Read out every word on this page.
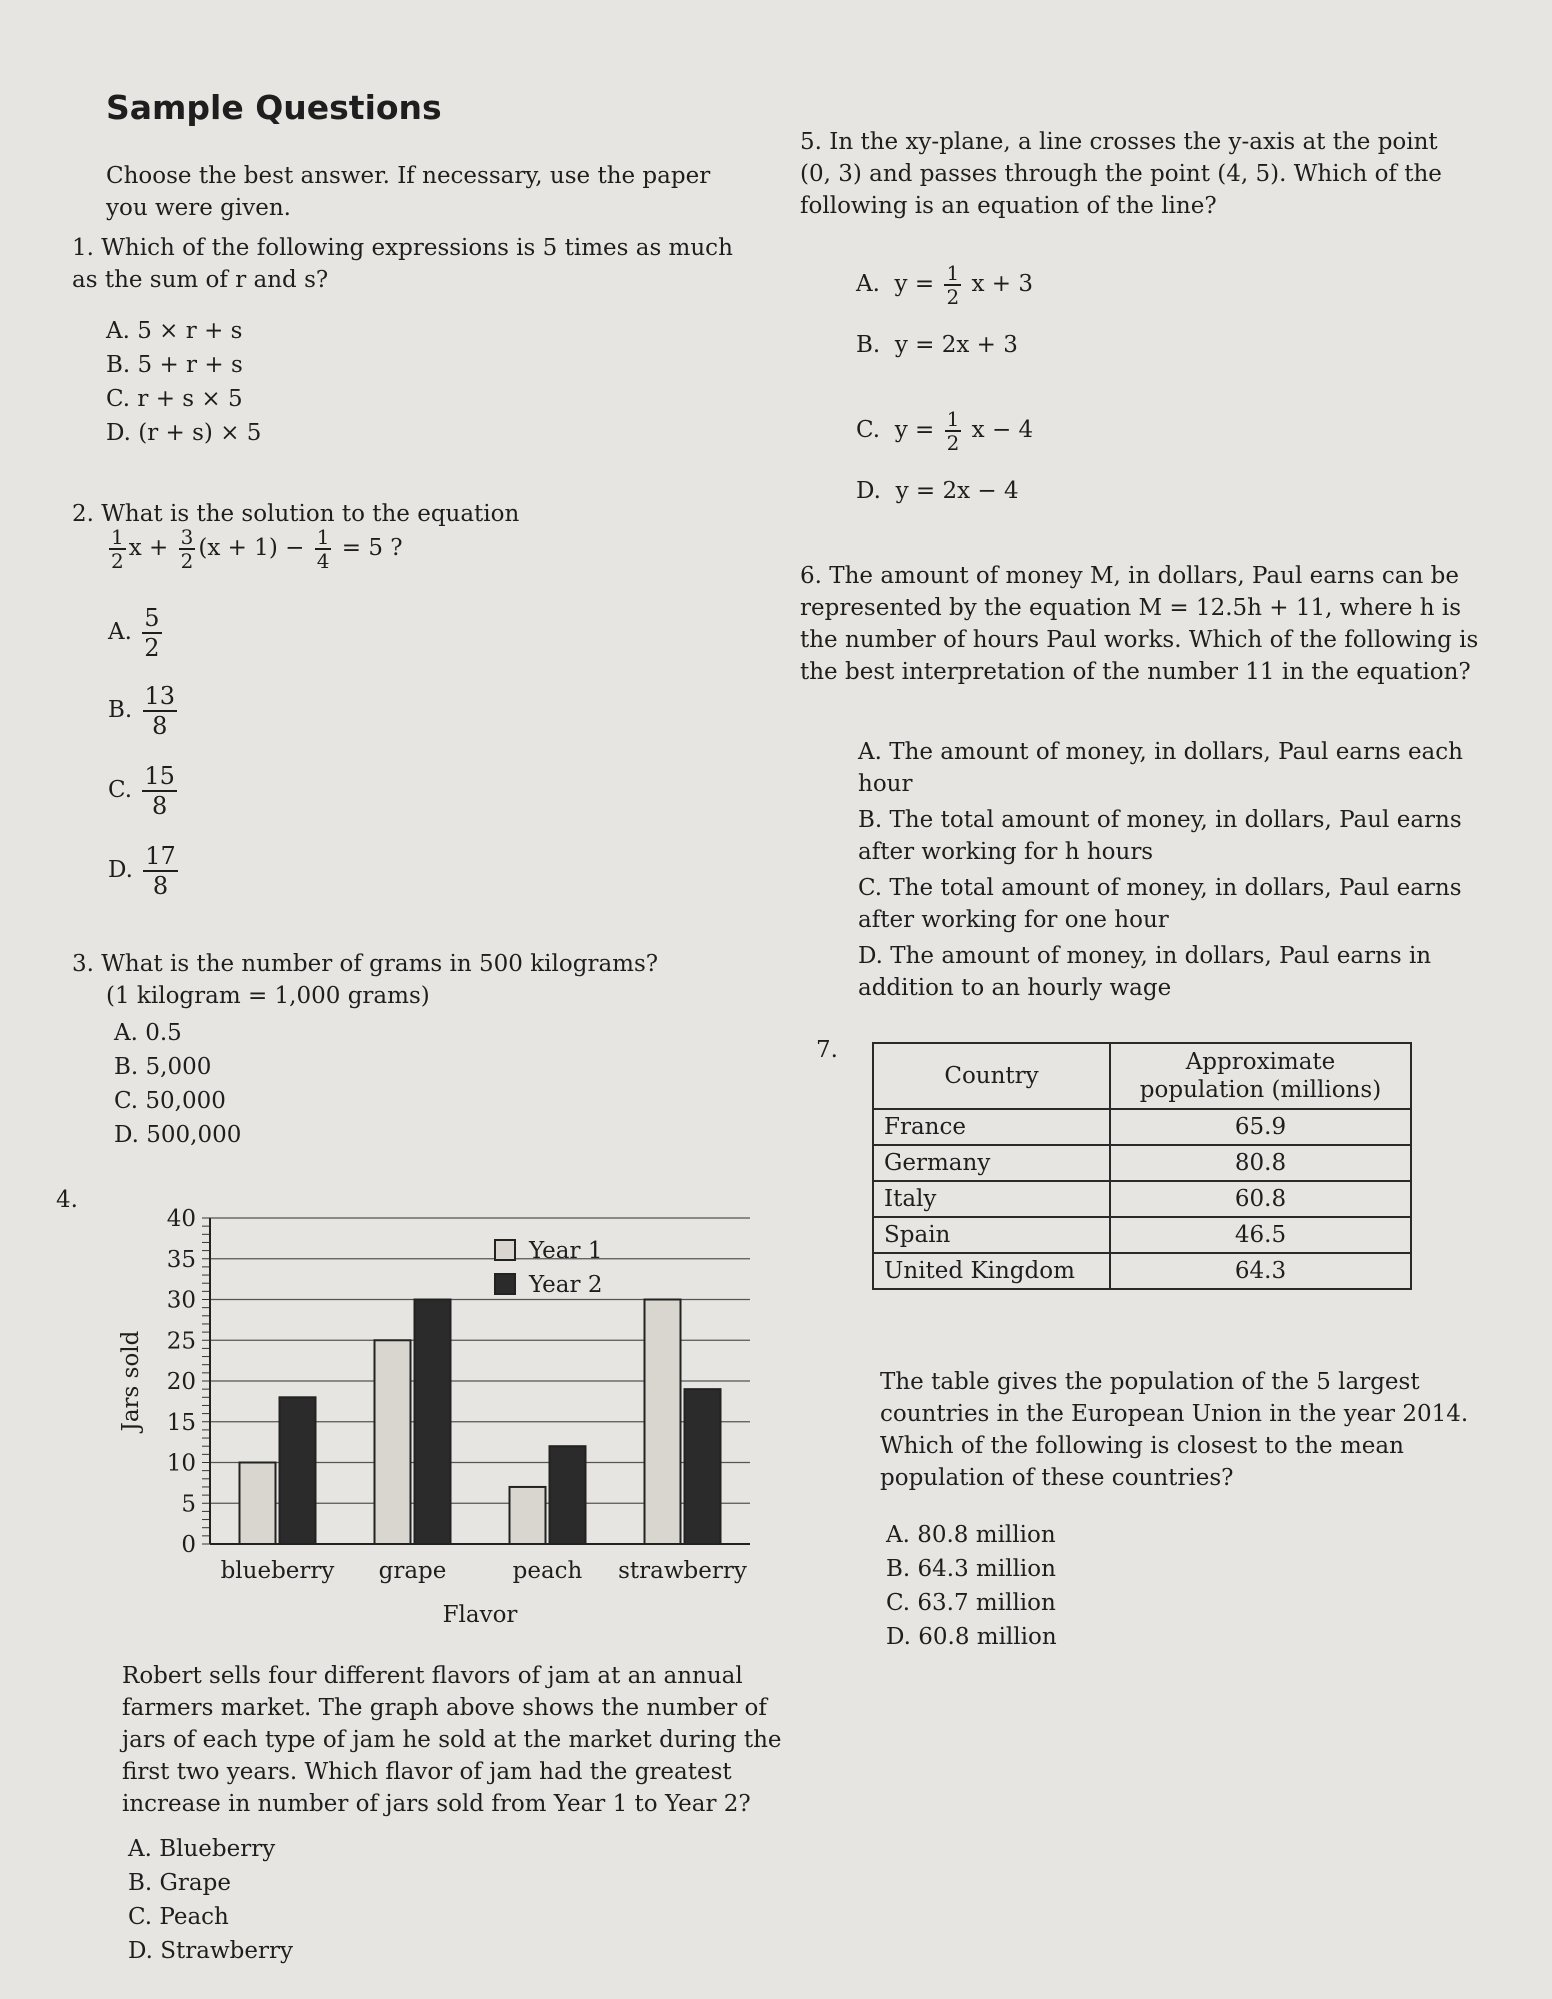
Sample Questions
Choose the best answer. If necessary, use the paper you were given.
1. Which of the following expressions is 5 times as much as the sum of r and s?
A. 5 × r + s
B. 5 + r + s
C. r + s × 5
D. (r + s) × 5
2. What is the solution to the equation
$\frac{1}{2}$ $x + \frac{3}{2} (x + 1) - \frac{1}{4} = 5$ ?
A. $\frac{5}{2}$
B. $\frac{13}{8}$
C. $\frac{15}{8}$
D. $\frac{17}{8}$
3. What is the number of grams in 500 kilograms?
(1 kilogram = 1,000 grams)
A. 0.5
B. 5,000
C. 50,000
D. 500,000
4.
0
5
10
15
20
25
30
35
40
blueberry grape	peach strawberry
Flavor
Jars sold
Year 1
Year 2
Robert sells four different flavors of jam at an annual farmers market. The graph above shows the number of jars of each type of jam he sold at the market during the first two years. Which flavor of jam had the greatest increase in number of jars sold from Year 1 to Year 2?
A. Blueberry
B. Grape
C. Peach
D. Strawberry
5. In the xy-plane, a line crosses the y-axis at the point (0, 3) and passes through the point (4, 5). Which of the following is an equation of the line?
A. $y = \frac{1}{2}$ x + 3
B. y = 2x + 3
C. $y = \frac{1}{2}$ x − 4
D. y = 2x − 4
6. The amount of money M, in dollars, Paul earns can be represented by the equation M = 12.5h + 11, where h is the number of hours Paul works. Which of the following is the best interpretation of the number 11 in the equation?
A. The amount of money, in dollars, Paul earns each hour
B. The total amount of money, in dollars, Paul earns after working for h hours
C. The total amount of money, in dollars, Paul earns after working for one hour
D. The amount of money, in dollars, Paul earns in addition to an hourly wage
7.
Country	Approximate population (millions)
France	65.9
Germany	80.8
Italy	60.8
Spain	46.5
United Kingdom	64.3
The table gives the population of the 5 largest countries in the European Union in the year 2014. Which of the following is closest to the mean population of these countries?
A. 80.8 million
B. 64.3 million
C. 63.7 million
D. 60.8 million
